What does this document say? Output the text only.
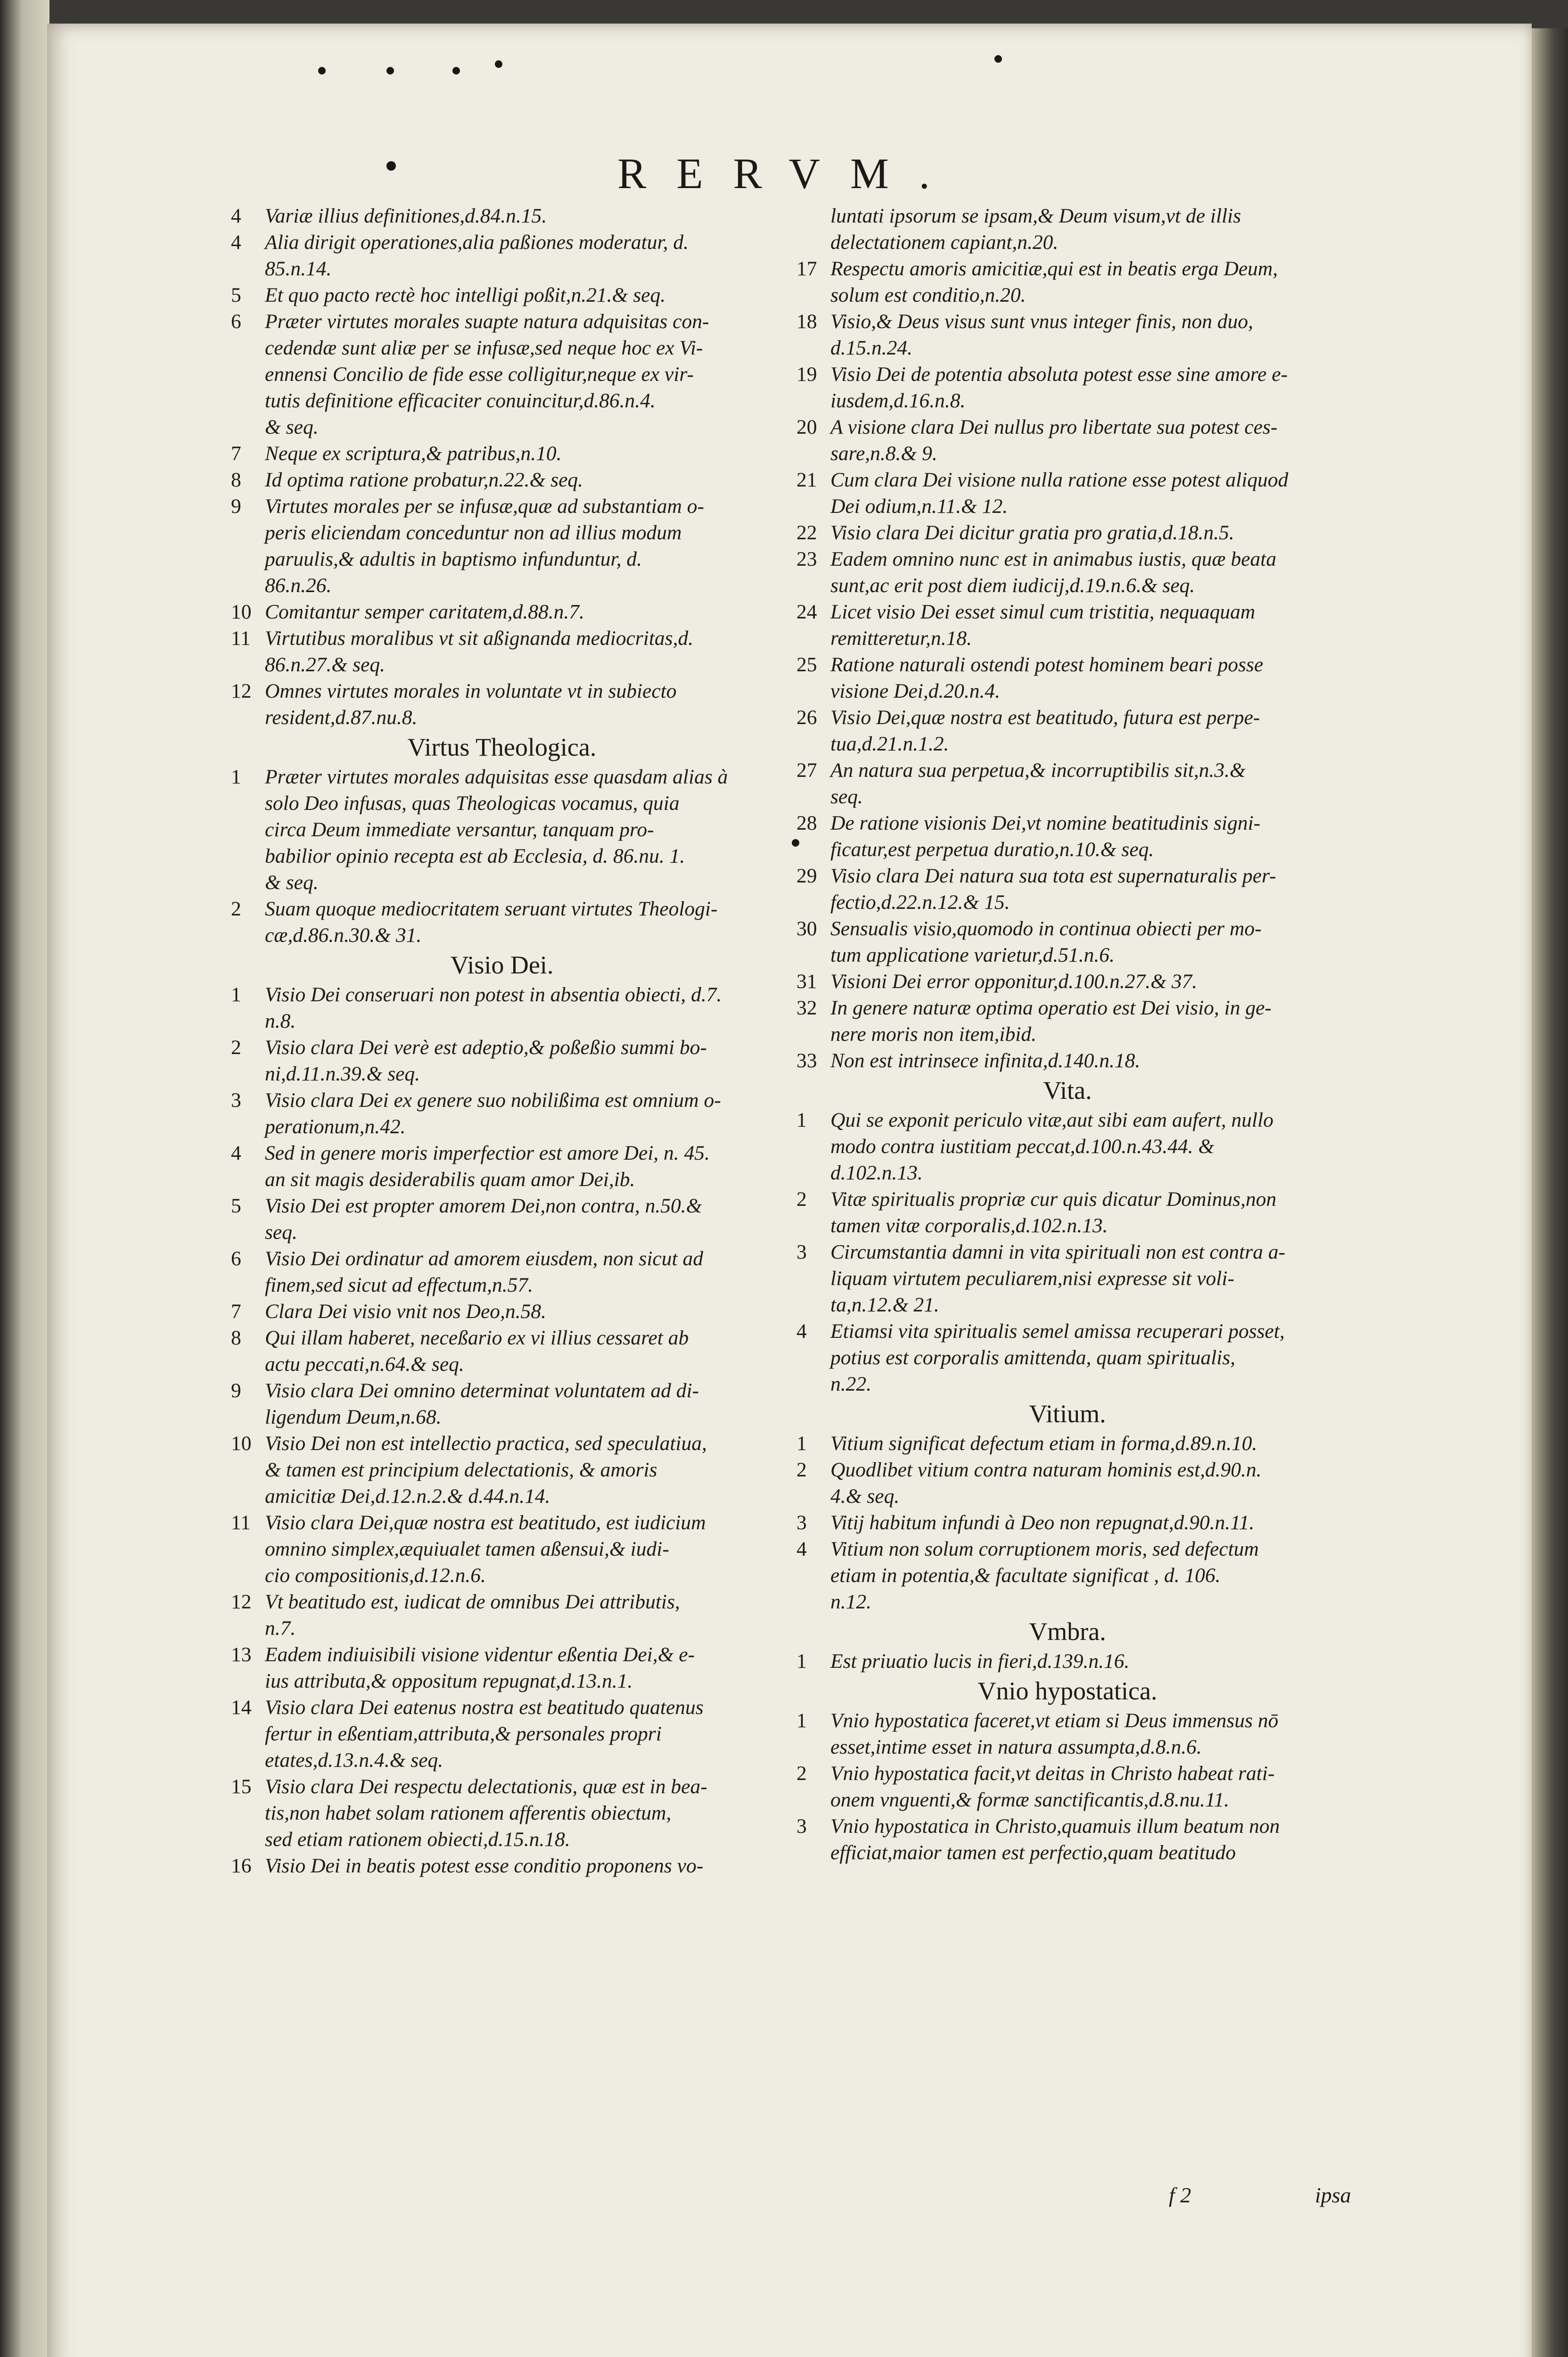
RERVM.
4 Variæ illius definitiones,d.84.n.15.
4 Alia dirigit operationes,alia paßiones moderatur, d.
85.n.14.
5 Et quo pacto rectè hoc intelligi poßit,n.21.& seq.
6 Præter virtutes morales suapte natura adquisitas con-
cedendæ sunt aliæ per se infusæ,sed neque hoc ex Vi-
ennensi Concilio de fide esse colligitur,neque ex vir-
tutis definitione efficaciter conuincitur,d.86.n.4.
& seq.
7 Neque ex scriptura,& patribus,n.10.
8 Id optima ratione probatur,n.22.& seq.
9 Virtutes morales per se infusæ,quæ ad substantiam o-
peris eliciendam conceduntur non ad illius modum
paruulis,& adultis in baptismo infunduntur, d.
86.n.26.
10 Comitantur semper caritatem,d.88.n.7.
11 Virtutibus moralibus vt sit aßignanda mediocritas,d.
86.n.27.& seq.
12 Omnes virtutes morales in voluntate vt in subiecto
resident,d.87.nu.8.
Virtus Theologica.
1 Præter virtutes morales adquisitas esse quasdam alias à
solo Deo infusas, quas Theologicas vocamus, quia
circa Deum immediate versantur, tanquam pro-
babilior opinio recepta est ab Ecclesia, d. 86.nu. 1.
& seq.
2 Suam quoque mediocritatem seruant virtutes Theologi-
cæ,d.86.n.30.& 31.
Visio Dei.
1 Visio Dei conseruari non potest in absentia obiecti, d.7.
n.8.
2 Visio clara Dei verè est adeptio,& poßeßio summi bo-
ni,d.11.n.39.& seq.
3 Visio clara Dei ex genere suo nobilißima est omnium o-
perationum,n.42.
4 Sed in genere moris imperfectior est amore Dei, n. 45.
an sit magis desiderabilis quam amor Dei,ib.
5 Visio Dei est propter amorem Dei,non contra, n.50.&
seq.
6 Visio Dei ordinatur ad amorem eiusdem, non sicut ad
finem,sed sicut ad effectum,n.57.
7 Clara Dei visio vnit nos Deo,n.58.
8 Qui illam haberet, neceßario ex vi illius cessaret ab
actu peccati,n.64.& seq.
9 Visio clara Dei omnino determinat voluntatem ad di-
ligendum Deum,n.68.
10 Visio Dei non est intellectio practica, sed speculatiua,
& tamen est principium delectationis, & amoris
amicitiæ Dei,d.12.n.2.& d.44.n.14.
11 Visio clara Dei,quæ nostra est beatitudo, est iudicium
omnino simplex,æquiualet tamen aßensui,& iudi-
cio compositionis,d.12.n.6.
12 Vt beatitudo est, iudicat de omnibus Dei attributis,
n.7.
13 Eadem indiuisibili visione videntur eßentia Dei,& e-
ius attributa,& oppositum repugnat,d.13.n.1.
14 Visio clara Dei eatenus nostra est beatitudo quatenus
fertur in eßentiam,attributa,& personales propri
etates,d.13.n.4.& seq.
15 Visio clara Dei respectu delectationis, quæ est in bea-
tis,non habet solam rationem afferentis obiectum,
sed etiam rationem obiecti,d.15.n.18.
16 Visio Dei in beatis potest esse conditio proponens vo-
luntati ipsorum se ipsam,& Deum visum,vt de illis
delectationem capiant,n.20.
17 Respectu amoris amicitiæ,qui est in beatis erga Deum,
solum est conditio,n.20.
18 Visio,& Deus visus sunt vnus integer finis, non duo,
d.15.n.24.
19 Visio Dei de potentia absoluta potest esse sine amore e-
iusdem,d.16.n.8.
20 A visione clara Dei nullus pro libertate sua potest ces-
sare,n.8.& 9.
21 Cum clara Dei visione nulla ratione esse potest aliquod
Dei odium,n.11.& 12.
22 Visio clara Dei dicitur gratia pro gratia,d.18.n.5.
23 Eadem omnino nunc est in animabus iustis, quæ beata
sunt,ac erit post diem iudicij,d.19.n.6.& seq.
24 Licet visio Dei esset simul cum tristitia, nequaquam
remitteretur,n.18.
25 Ratione naturali ostendi potest hominem beari posse
visione Dei,d.20.n.4.
26 Visio Dei,quæ nostra est beatitudo, futura est perpe-
tua,d.21.n.1.2.
27 An natura sua perpetua,& incorruptibilis sit,n.3.&
seq.
28 De ratione visionis Dei,vt nomine beatitudinis signi-
ficatur,est perpetua duratio,n.10.& seq.
29 Visio clara Dei natura sua tota est supernaturalis per-
fectio,d.22.n.12.& 15.
30 Sensualis visio,quomodo in continua obiecti per mo-
tum applicatione varietur,d.51.n.6.
31 Visioni Dei error opponitur,d.100.n.27.& 37.
32 In genere naturæ optima operatio est Dei visio, in ge-
nere moris non item,ibid.
33 Non est intrinsece infinita,d.140.n.18.
Vita.
1 Qui se exponit periculo vitæ,aut sibi eam aufert, nullo
modo contra iustitiam peccat,d.100.n.43.44. &
d.102.n.13.
2 Vitæ spiritualis propriæ cur quis dicatur Dominus,non
tamen vitæ corporalis,d.102.n.13.
3 Circumstantia damni in vita spirituali non est contra a-
liquam virtutem peculiarem,nisi expresse sit voli-
ta,n.12.& 21.
4 Etiamsi vita spiritualis semel amissa recuperari posset,
potius est corporalis amittenda, quam spiritualis,
n.22.
Vitium.
1 Vitium significat defectum etiam in forma,d.89.n.10.
2 Quodlibet vitium contra naturam hominis est,d.90.n.
4.& seq.
3 Vitij habitum infundi à Deo non repugnat,d.90.n.11.
4 Vitium non solum corruptionem moris, sed defectum
etiam in potentia,& facultate significat , d. 106.
n.12.
Vmbra.
1 Est priuatio lucis in fieri,d.139.n.16.
Vnio hypostatica.
1 Vnio hypostatica faceret,vt etiam si Deus immensus nō
esset,intime esset in natura assumpta,d.8.n.6.
2 Vnio hypostatica facit,vt deitas in Christo habeat rati-
onem vnguenti,& formæ sanctificantis,d.8.nu.11.
3 Vnio hypostatica in Christo,quamuis illum beatum non
efficiat,maior tamen est perfectio,quam beatitudo
f 2	ipsa
